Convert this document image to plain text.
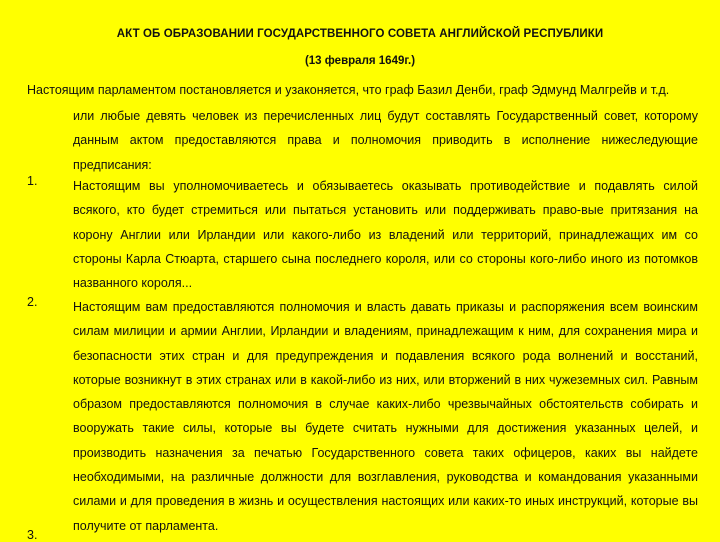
АКТ ОБ ОБРАЗОВАНИИ ГОСУДАРСТВЕННОГО СОВЕТА АНГЛИЙСКОЙ РЕСПУБЛИКИ
(13 февраля 1649г.)
Настоящим парламентом постановляется и узаконяется, что граф Базил Денби, граф Эдмунд Малгрейв и т.д.
или любые девять человек из перечисленных лиц будут составлять Государственный совет, которому данным актом предоставляются права и полномочия приводить в исполнение нижеследующие предписания:
1.	Настоящим вы уполномочиваетесь и обязываетесь оказывать противодействие и подавлять силой всякого, кто будет стремиться или пытаться установить или поддерживать право-вые притязания на корону Англии или Ирландии или какого-либо из владений или территорий, принадлежащих им со стороны Карла Стюарта, старшего сына последнего короля, или со стороны кого-либо иного из потомков названного короля...
2.	Настоящим вам предоставляются полномочия и власть давать приказы и распоряжения всем воинским силам милиции и армии Англии, Ирландии и владениям, принадлежащим к ним, для сохранения мира и безопасности этих стран и для предупреждения и подавления всякого рода волнений и восстаний, которые возникнут в этих странах или в какой-либо из них, или вторжений в них чужеземных сил. Равным образом предоставляются полномочия в случае каких-либо чрезвычайных обстоятельств собирать и вооружать такие силы, которые вы будете считать нужными для достижения указанных целей, и производить назначения за печатью Государственного совета таких офицеров, каких вы найдете необходимыми, на различные должности для возглавления, руководства и командования указанными силами и для проведения в жизнь и осуществления настоящих или каких-то иных инструкций, которые вы получите от парламента.
3.
